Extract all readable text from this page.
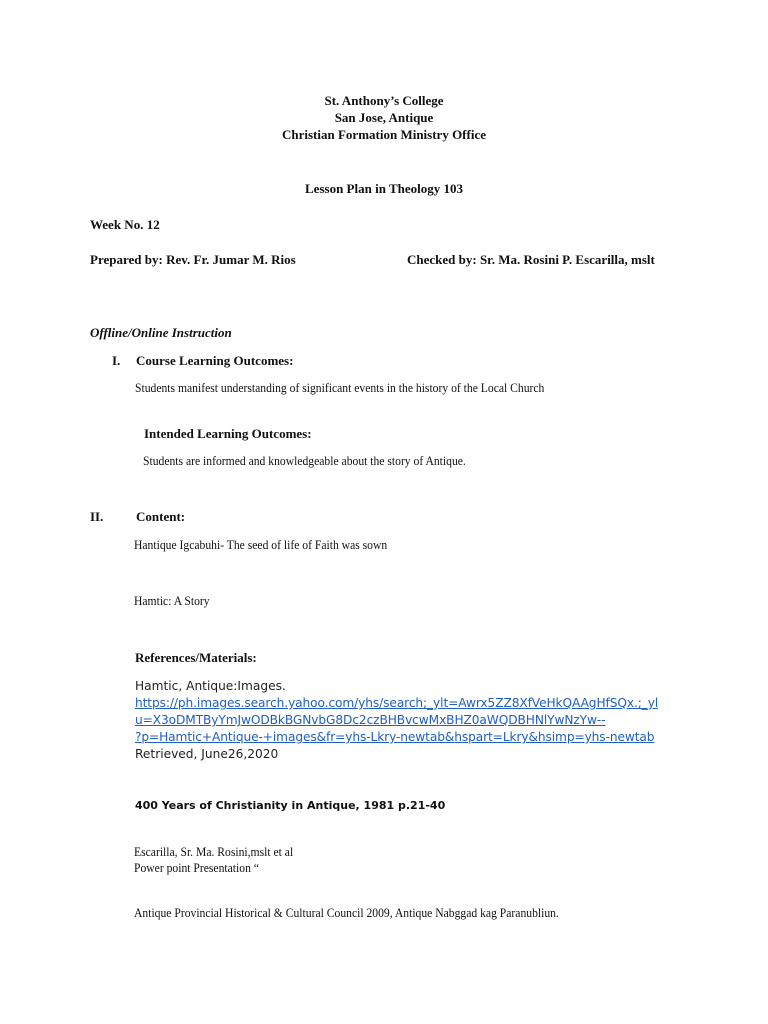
St. Anthony’s College
San Jose, Antique
Christian Formation Ministry Office
Lesson Plan in Theology 103
Week No. 12
Prepared by: Rev. Fr. Jumar M. Rios	Checked by: Sr. Ma. Rosini P. Escarilla, mslt
Offline/Online Instruction
I. Course Learning Outcomes:
Students manifest understanding of significant events in the history of the Local Church
Intended Learning Outcomes:
Students are informed and knowledgeable about the story of Antique.
II.	Content:
Hantique Igcabuhi- The seed of life of Faith was sown
Hamtic: A Story
References/Materials:
Hamtic, Antique:Images.
https://ph.images.search.yahoo.com/yhs/search;_ylt=Awrx5ZZ8XfVeHkQAAgHfSQx.;_yl
u=X3oDMTByYmJwODBkBGNvbG8Dc2czBHBvcwMxBHZ0aWQDBHNlYwNzYw--
?p=Hamtic+Antique-+images&fr=yhs-Lkry-newtab&hspart=Lkry&hsimp=yhs-newtab
Retrieved, June26,2020
400 Years of Christianity in Antique, 1981 p.21-40
Escarilla, Sr. Ma. Rosini,mslt et al
Power point Presentation “
Antique Provincial Historical & Cultural Council 2009, Antique Nabggad kag Paranubliun.
